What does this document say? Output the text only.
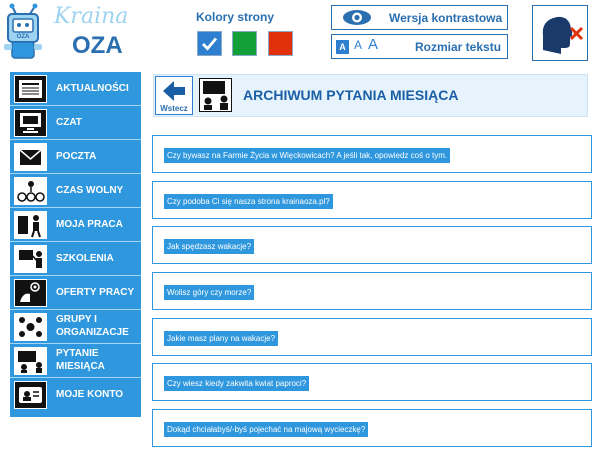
OZA
Kraina
OZA
Kolory strony	Wersja kontrastowa
A A A	Rozmiar tekstu
AKTUALNOŚCI
CZAT
POCZTA
CZAS WOLNY
MOJA PRACA
SZKOLENIA
OFERTY PRACY
GRUPY I
ORGANIZACJE
PYTANIE
MIESIĄCA
MOJE KONTO
Wstecz
ARCHIWUM PYTANIA MIESIĄCA
Czy bywasz na Farmie Życia w Więckowicach? A jeśli tak, opowiedz coś o tym.
Czy podoba Ci się nasza strona krainaoza.pl?
Jak spędzasz wakacje?
Wolisz góry czy morze?
Jakie masz plany na wakacje?
Czy wiesz kiedy zakwita kwiat paproci?
Dokąd chciałabyś/-byś pojechać na majową wycieczkę?
